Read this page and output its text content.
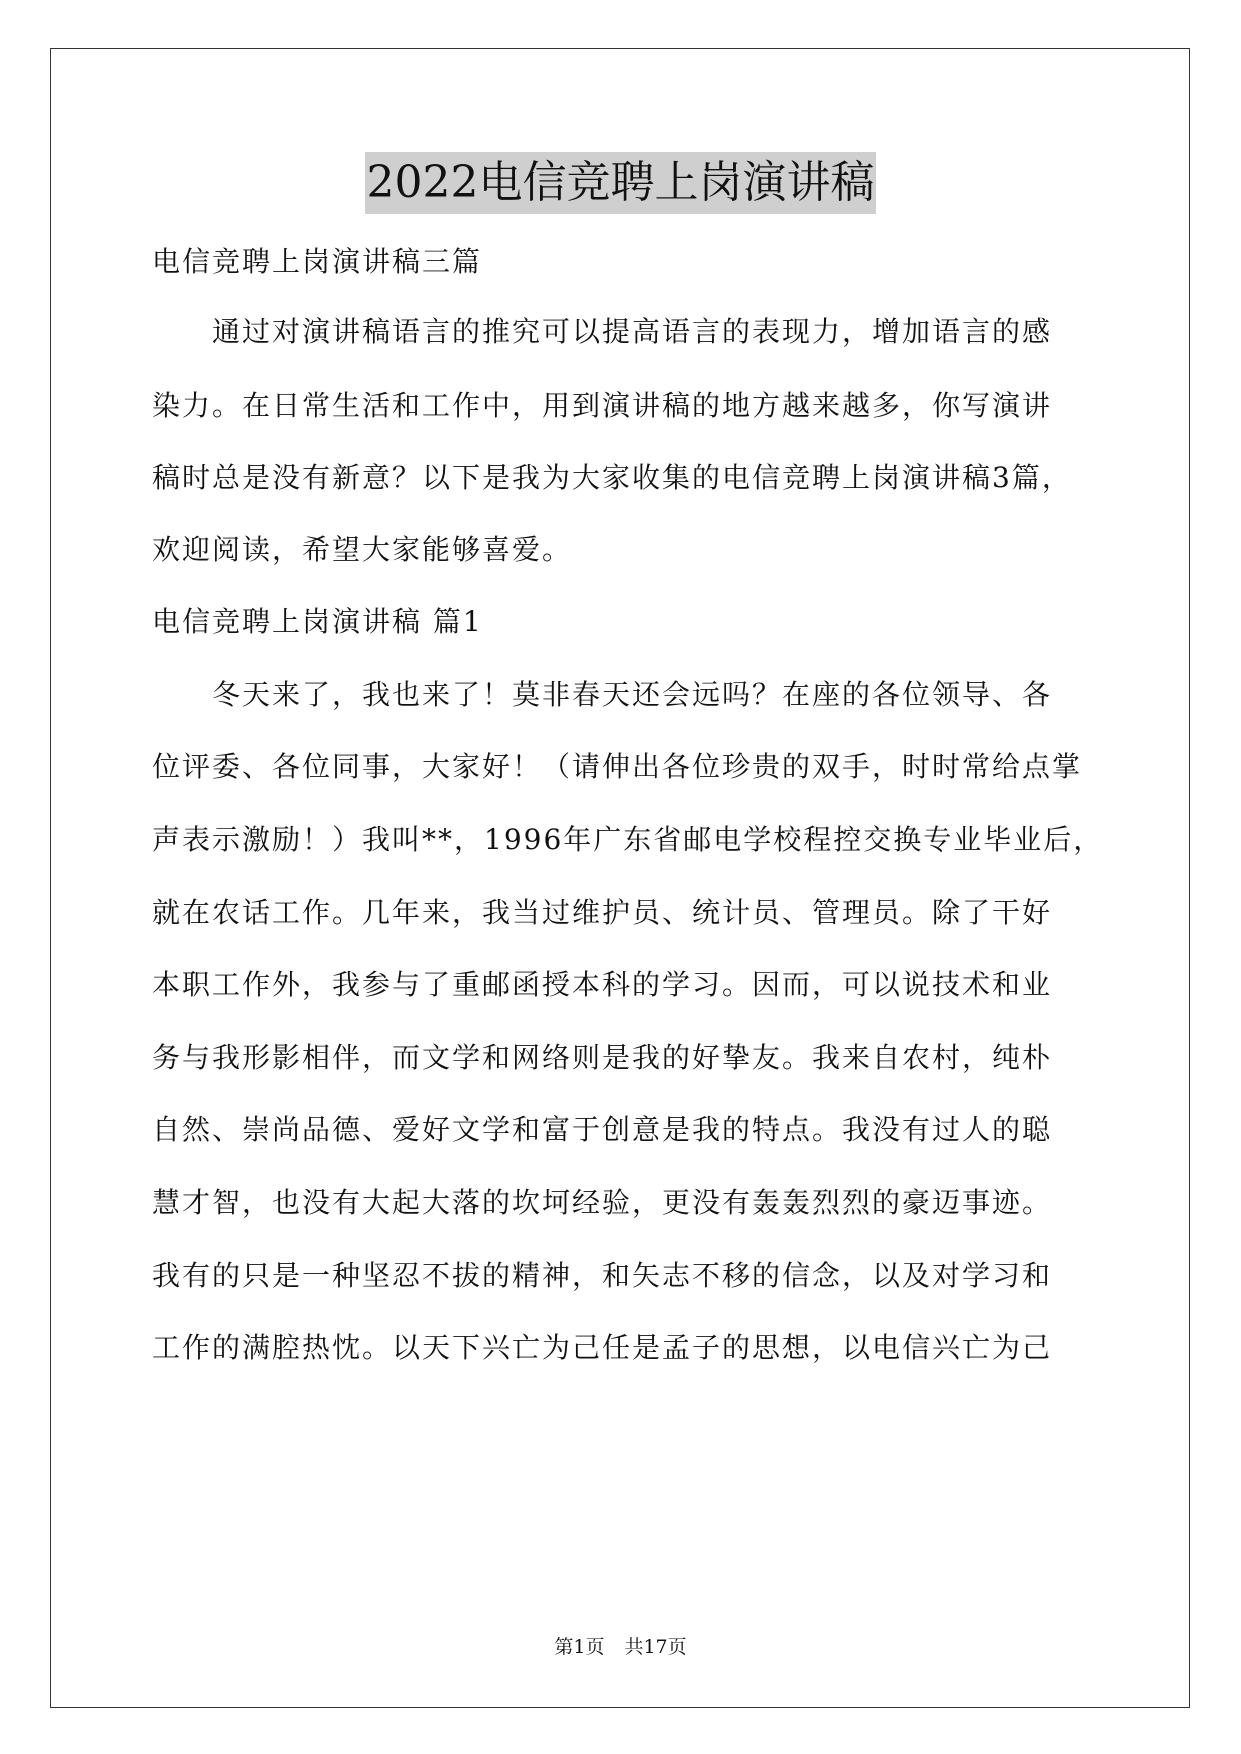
2022电信竞聘上岗演讲稿
电信竞聘上岗演讲稿三篇
通过对演讲稿语言的推究可以提高语言的表现力，增加语言的感
染力。在日常生活和工作中，用到演讲稿的地方越来越多，你写演讲
稿时总是没有新意？以下是我为大家收集的电信竞聘上岗演讲稿3篇，
欢迎阅读，希望大家能够喜爱。
电信竞聘上岗演讲稿 篇1
冬天来了，我也来了！莫非春天还会远吗？在座的各位领导、各
位评委、各位同事，大家好！（请伸出各位珍贵的双手，时时常给点掌
声表示激励！）我叫**，1996年广东省邮电学校程控交换专业毕业后，
就在农话工作。几年来，我当过维护员、统计员、管理员。除了干好
本职工作外，我参与了重邮函授本科的学习。因而，可以说技术和业
务与我形影相伴，而文学和网络则是我的好挚友。我来自农村，纯朴
自然、崇尚品德、爱好文学和富于创意是我的特点。我没有过人的聪
慧才智，也没有大起大落的坎坷经验，更没有轰轰烈烈的豪迈事迹。
我有的只是一种坚忍不拔的精神，和矢志不移的信念，以及对学习和
工作的满腔热忱。以天下兴亡为己任是孟子的思想，以电信兴亡为己
第1页 共17页
